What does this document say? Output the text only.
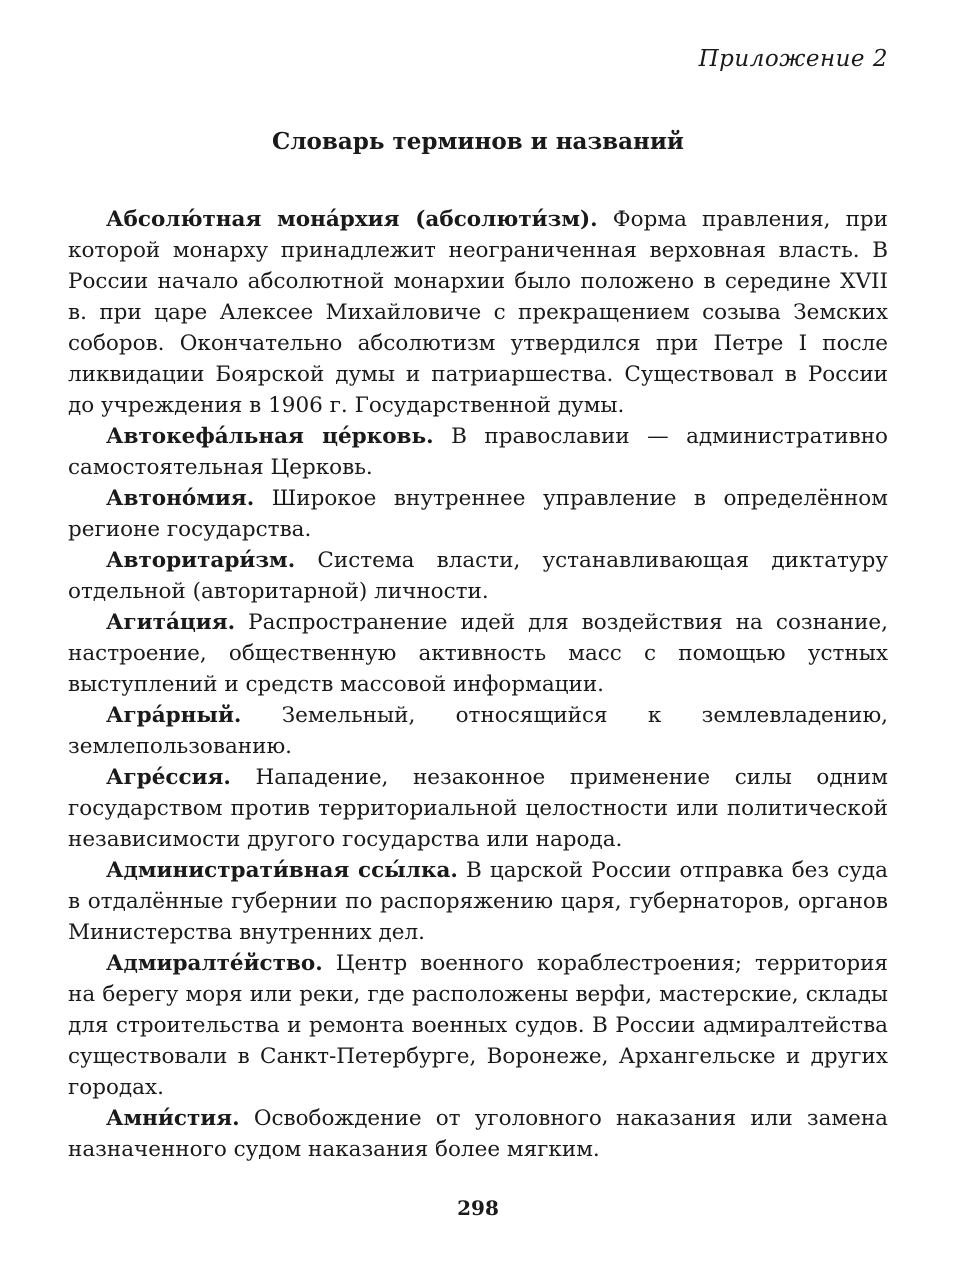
Приложение 2
Словарь терминов и названий

Абсолю́тная мона́рхия (абсолюти́зм). Форма правления, при которой монарху принадлежит неограниченная верховная власть. В России начало абсолютной монархии было положено в середине XVII в. при царе Алексее Михайловиче с прекращением созыва Земских соборов. Окончательно абсолютизм утвердился при Петре I после ликвидации Боярской думы и патриаршества. Существовал в России до учреждения в 1906 г. Государственной думы.

Автокефа́льная це́рковь. В православии — административно самостоятельная Церковь.

Автоно́мия. Широкое внутреннее управление в определённом регионе государства.

Авторитари́зм. Система власти, устанавливающая диктатуру отдельной (авторитарной) личности.

Агита́ция. Распространение идей для воздействия на сознание, настроение, общественную активность масс с помощью устных выступлений и средств массовой информации.

Агра́рный. Земельный, относящийся к землевладению, землепользованию.

Агре́ссия. Нападение, незаконное применение силы одним государством против территориальной целостности или политической независимости другого государства или народа.

Администрати́вная ссы́лка. В царской России отправка без суда в отдалённые губернии по распоряжению царя, губернаторов, органов Министерства внутренних дел.

Адмиралте́йство. Центр военного кораблестроения; территория на берегу моря или реки, где расположены верфи, мастерские, склады для строительства и ремонта военных судов. В России адмиралтейства существовали в Санкт-Петербурге, Воронеже, Архангельске и других городах.

Амни́стия. Освобождение от уголовного наказания или замена назначенного судом наказания более мягким.

298
